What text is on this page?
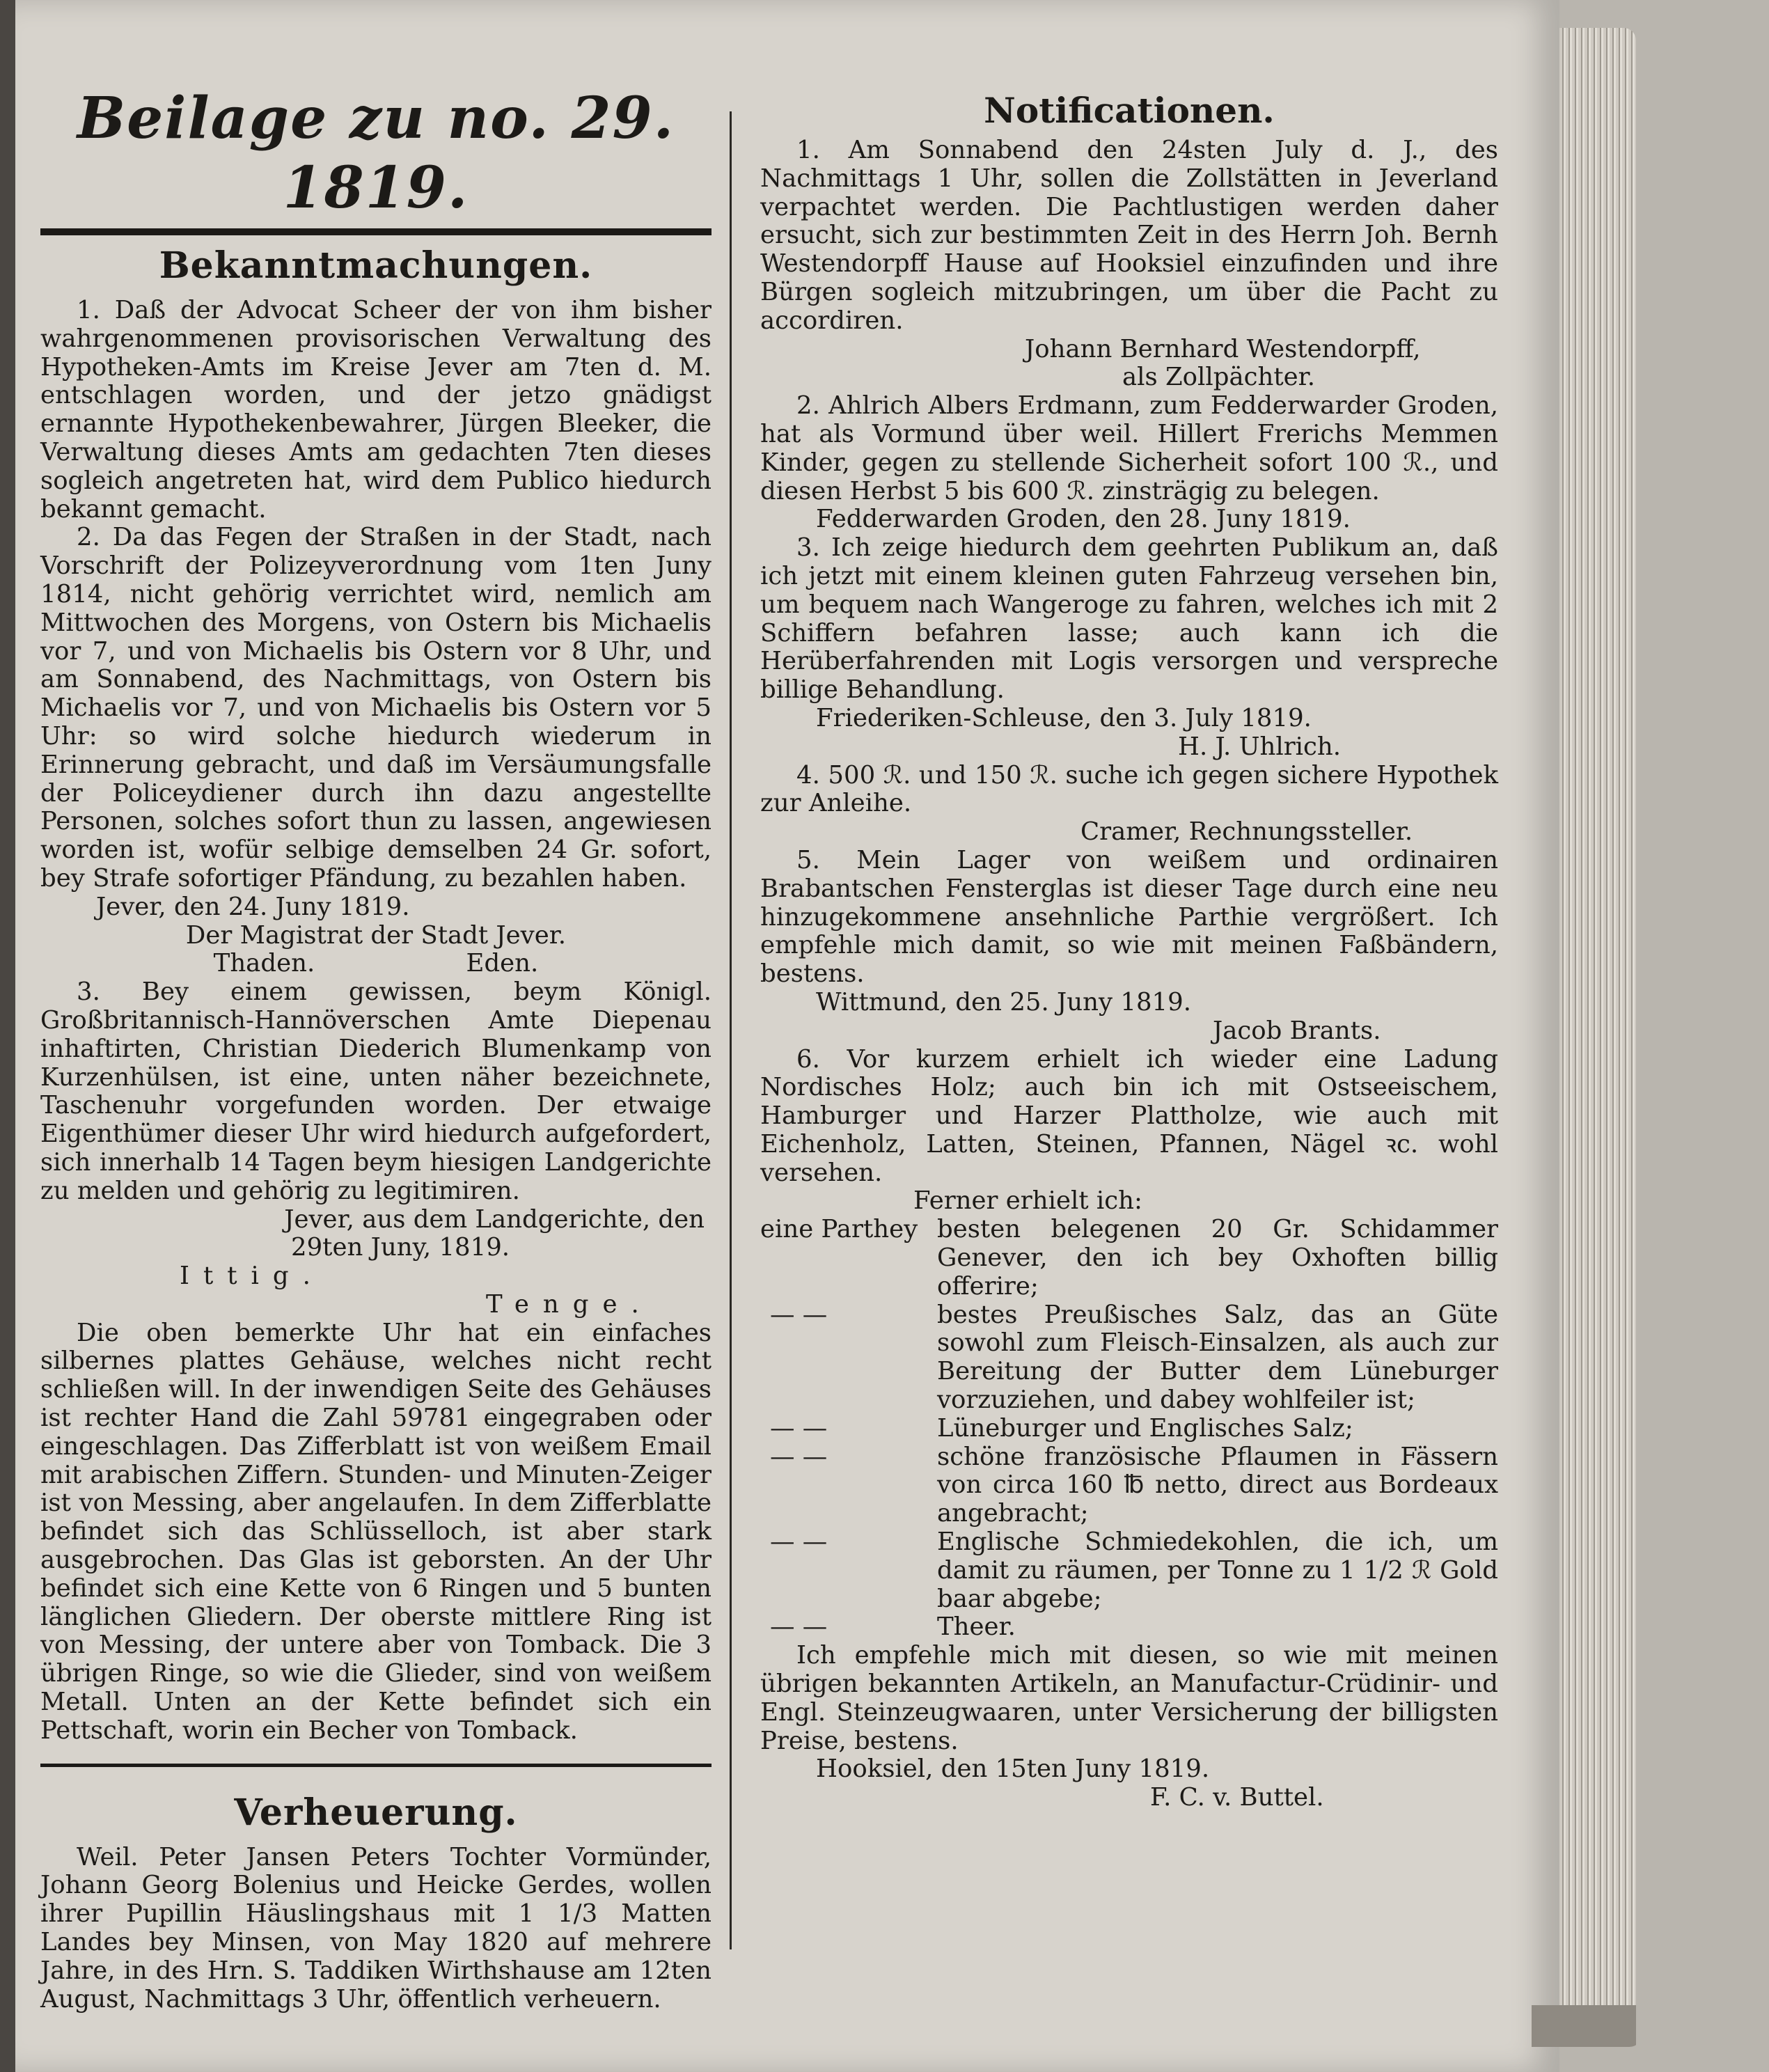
Beilage zu no. 29. 1819.
Bekanntmachungen.

1. Daß der Advocat Scheer der von ihm bisher wahrgenommenen provisorischen Verwaltung des Hypotheken-Amts im Kreise Jever am 7ten d. M. entschlagen worden, und der jetzo gnädigst ernannte Hypothekenbewahrer, Jürgen Bleeker, die Verwaltung dieses Amts am gedachten 7ten dieses sogleich angetreten hat, wird dem Publico hiedurch bekannt gemacht.

2. Da das Fegen der Straßen in der Stadt, nach Vorschrift der Polizeyverordnung vom 1ten Juny 1814, nicht gehörig verrichtet wird, nemlich am Mittwochen des Morgens, von Ostern bis Michaelis vor 7, und von Michaelis bis Ostern vor 8 Uhr, und am Sonnabend, des Nachmittags, von Ostern bis Michaelis vor 7, und von Michaelis bis Ostern vor 5 Uhr: so wird solche hiedurch wiederum in Erinnerung gebracht, und daß im Versäumungsfalle der Policeydiener durch ihn dazu angestellte Personen, solches sofort thun zu lassen, angewiesen worden ist, wofür selbige demselben 24 Gr. sofort, bey Strafe sofortiger Pfändung, zu bezahlen haben.

Jever, den 24. Juny 1819.
Der Magistrat der Stadt Jever.
Thaden.	Eden.

3. Bey einem gewissen, beym Königl. Großbritannisch-Hannöverschen Amte Diepenau inhaftirten, Christian Diederich Blumenkamp von Kurzenhülsen, ist eine, unten näher bezeichnete, Taschenuhr vorgefunden worden. Der etwaige Eigenthümer dieser Uhr wird hiedurch aufgefordert, sich innerhalb 14 Tagen beym hiesigen Landgerichte zu melden und gehörig zu legitimiren.

Jever, aus dem Landgerichte, den
29ten Juny, 1819.
Ittig.
Tenge.

Die oben bemerkte Uhr hat ein einfaches silbernes plattes Gehäuse, welches nicht recht schließen will. In der inwendigen Seite des Gehäuses ist rechter Hand die Zahl 59781 eingegraben oder eingeschlagen. Das Zifferblatt ist von weißem Email mit arabischen Ziffern. Stunden- und Minuten-Zeiger ist von Messing, aber angelaufen. In dem Zifferblatte befindet sich das Schlüsselloch, ist aber stark ausgebrochen. Das Glas ist geborsten. An der Uhr befindet sich eine Kette von 6 Ringen und 5 bunten länglichen Gliedern. Der oberste mittlere Ring ist von Messing, der untere aber von Tomback. Die 3 übrigen Ringe, so wie die Glieder, sind von weißem Metall. Unten an der Kette befindet sich ein Pettschaft, worin ein Becher von Tomback.

Verheuerung.

Weil. Peter Jansen Peters Tochter Vormünder, Johann Georg Bolenius und Heicke Gerdes, wollen ihrer Pupillin Häuslingshaus mit 1 1/3 Matten Landes bey Minsen, von May 1820 auf mehrere Jahre, in des Hrn. S. Taddiken Wirthshause am 12ten August, Nachmittags 3 Uhr, öffentlich verheuern.

Notificationen.

1. Am Sonnabend den 24sten July d. J., des Nachmittags 1 Uhr, sollen die Zollstätten in Jeverland verpachtet werden. Die Pachtlustigen werden daher ersucht, sich zur bestimmten Zeit in des Herrn Joh. Bernh Westendorpff Hause auf Hooksiel einzufinden und ihre Bürgen sogleich mitzubringen, um über die Pacht zu accordiren.

Johann Bernhard Westendorpff,
als Zollpächter.

2. Ahlrich Albers Erdmann, zum Fedderwarder Groden, hat als Vormund über weil. Hillert Frerichs Memmen Kinder, gegen zu stellende Sicherheit sofort 100 ℛ., und diesen Herbst 5 bis 600 ℛ. zinsträgig zu belegen.

Fedderwarden Groden, den 28. Juny 1819.

3. Ich zeige hiedurch dem geehrten Publikum an, daß ich jetzt mit einem kleinen guten Fahrzeug versehen bin, um bequem nach Wangeroge zu fahren, welches ich mit 2 Schiffern befahren lasse; auch kann ich die Herüberfahrenden mit Logis versorgen und verspreche billige Behandlung.

Friederiken-Schleuse, den 3. July 1819.
H. J. Uhlrich.

4. 500 ℛ. und 150 ℛ. suche ich gegen sichere Hypothek zur Anleihe.

Cramer, Rechnungssteller.

5. Mein Lager von weißem und ordinairen Brabantschen Fensterglas ist dieser Tage durch eine neu hinzugekommene ansehnliche Parthie vergrößert. Ich empfehle mich damit, so wie mit meinen Faßbändern, bestens.

Wittmund, den 25. Juny 1819.
Jacob Brants.

6. Vor kurzem erhielt ich wieder eine Ladung Nordisches Holz; auch bin ich mit Ostseeischem, Hamburger und Harzer Plattholze, wie auch mit Eichenholz, Latten, Steinen, Pfannen, Nägel ꝛc. wohl versehen.

Ferner erhielt ich:
eine Parthey	besten belegenen 20 Gr. Schidammer Genever, den ich bey Oxhoften billig offerire;
— —	bestes Preußisches Salz, das an Güte sowohl zum Fleisch-Einsalzen, als auch zur Bereitung der Butter dem Lüneburger vorzuziehen, und dabey wohlfeiler ist;
— —	Lüneburger und Englisches Salz;
— —	schöne französische Pflaumen in Fässern von circa 160 ℔ netto, direct aus Bordeaux angebracht;
— —	Englische Schmiedekohlen, die ich, um damit zu räumen, per Tonne zu 1 1/2 ℛ Gold baar abgebe;
— —	Theer.

Ich empfehle mich mit diesen, so wie mit meinen übrigen bekannten Artikeln, an Manufactur-Crüdinir- und Engl. Steinzeugwaaren, unter Versicherung der billigsten Preise, bestens.

Hooksiel, den 15ten Juny 1819.
F. C. v. Buttel.
